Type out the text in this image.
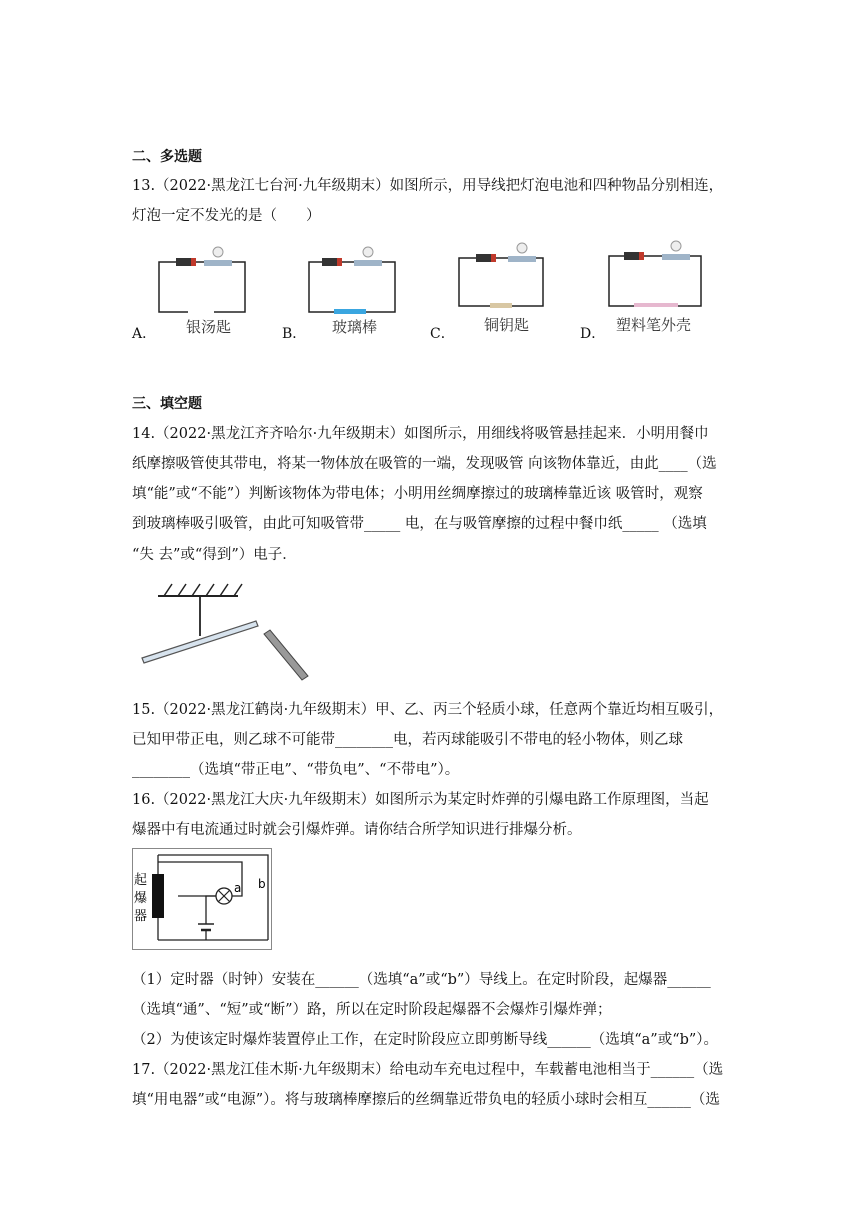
二、多选题
13.（2022·黑龙江七台河·九年级期末）如图所示，用导线把灯泡电池和四种物品分别相连，
灯泡一定不发光的是（　　）
A． 银汤匙	B． 玻璃棒	C． 铜钥匙	D． 塑料笔外壳
三、填空题
14.（2022·黑龙江齐齐哈尔·九年级期末）如图所示，用细线将吸管悬挂起来．小明用餐巾
纸摩擦吸管使其带电，将某一物体放在吸管的一端，发现吸管 向该物体靠近，由此____（选
填“能”或“不能”）判断该物体为带电体；小明用丝绸摩擦过的玻璃棒靠近该 吸管时，观察
到玻璃棒吸引吸管，由此可知吸管带_____ 电，在与吸管摩擦的过程中餐巾纸_____ （选填
“失 去”或“得到”）电子．
15.（2022·黑龙江鹤岗·九年级期末）甲、乙、丙三个轻质小球，任意两个靠近均相互吸引，
已知甲带正电，则乙球不可能带________电，若丙球能吸引不带电的轻小物体，则乙球
________（选填“带正电”、“带负电”、“不带电”）。
16.（2022·黑龙江大庆·九年级期末）如图所示为某定时炸弹的引爆电路工作原理图，当起
爆器中有电流通过时就会引爆炸弹。请你结合所学知识进行排爆分析。
起
爆
器
a b
（1）定时器（时钟）安装在______（选填“a”或“b”）导线上。在定时阶段，起爆器______
（选填“通”、“短”或“断”）路，所以在定时阶段起爆器不会爆炸引爆炸弹；
（2）为使该定时爆炸装置停止工作，在定时阶段应立即剪断导线______（选填“a”或“b”）。
17.（2022·黑龙江佳木斯·九年级期末）给电动车充电过程中，车载蓄电池相当于______（选
填“用电器”或“电源”）。将与玻璃棒摩擦后的丝绸靠近带负电的轻质小球时会相互______（选
